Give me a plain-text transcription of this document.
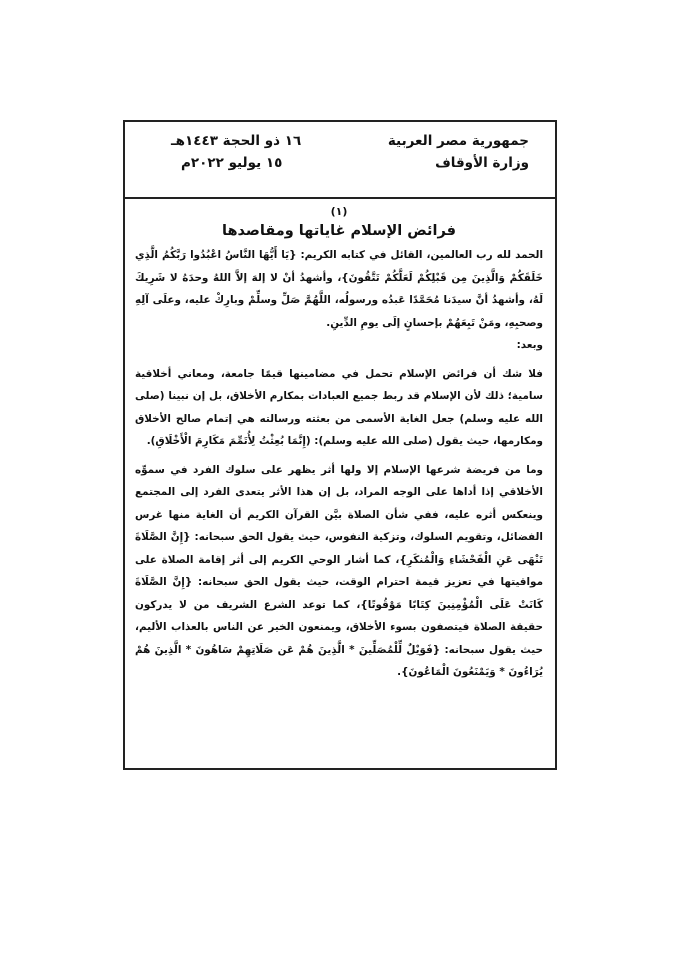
جمهورية مصر العربية
وزارة الأوقاف
١٦ ذو الحجة ١٤٤٣هـ
١٥ يوليو ٢٠٢٢م
(١)
فرائض الإسلام غاياتها ومقاصدها

الحمد لله رب العالمين، القائل في كتابه الكريم: {يَا أَيُّهَا النَّاسُ اعْبُدُوا رَبَّكُمُ الَّذِي خَلَقَكُمْ وَالَّذِينَ مِن قَبْلِكُمْ لَعَلَّكُمْ تَتَّقُونَ}، وأشهدُ أنْ لا إلهَ إلاَّ اللهُ وحدَهُ لا شَرِيكَ لَهُ، وأشهدُ أنَّ سيدَنا مُحَمَّدًا عَبدُه ورسولُه، اللَّهُمَّ صَلِّ وسلِّمْ وبارِكْ عليه، وعلَى آلِهِ وصحبِهِ، ومَنْ تَبِعَهُمْ بإحسانٍ إلَى يومِ الدِّينِ.

وبعد:

فلا شك أن فرائض الإسلام تحمل في مضامينها قيمًا جامعة، ومعاني أخلاقية سامية؛ ذلك لأن الإسلام قد ربط جميع العبادات بمكارم الأخلاق، بل إن نبينا (صلى الله عليه وسلم) جعل الغاية الأسمى من بعثته ورسالته هي إتمام صالح الأخلاق ومكارمها، حيث يقول (صلى الله عليه وسلم): (إِنَّمَا بُعِثْتُ لِأُتَمِّمَ مَكَارِمَ الْأَخْلَاقِ).

وما من فريضة شرعها الإسلام إلا ولها أثر يظهر على سلوك الفرد في سموِّه الأخلاقي إذا أداها على الوجه المراد، بل إن هذا الأثر يتعدى الفرد إلى المجتمع وينعكس أثره عليه، ففي شأن الصلاة بيَّن القرآن الكريم أن الغاية منها غرس الفضائل، وتقويم السلوك، وتزكية النفوس، حيث يقول الحق سبحانه: {إِنَّ الصَّلَاةَ تَنْهَى عَنِ الْفَحْشَاءِ وَالْمُنكَرِ}، كما أشار الوحي الكريم إلى أثر إقامة الصلاة على مواقيتها في تعزيز قيمة احترام الوقت، حيث يقول الحق سبحانه: {إِنَّ الصَّلَاةَ كَانَتْ عَلَى الْمُؤْمِنِينَ كِتَابًا مَوْقُوتًا}، كما توعد الشرع الشريف من لا يدركون حقيقة الصلاة فيتصفون بسوء الأخلاق، ويمنعون الخير عن الناس بالعذاب الأليم، حيث يقول سبحانه: {فَوَيْلٌ لِّلْمُصَلِّينَ * الَّذِينَ هُمْ عَن صَلَاتِهِمْ سَاهُونَ * الَّذِينَ هُمْ يُرَاءُونَ * وَيَمْنَعُونَ الْمَاعُونَ}.
